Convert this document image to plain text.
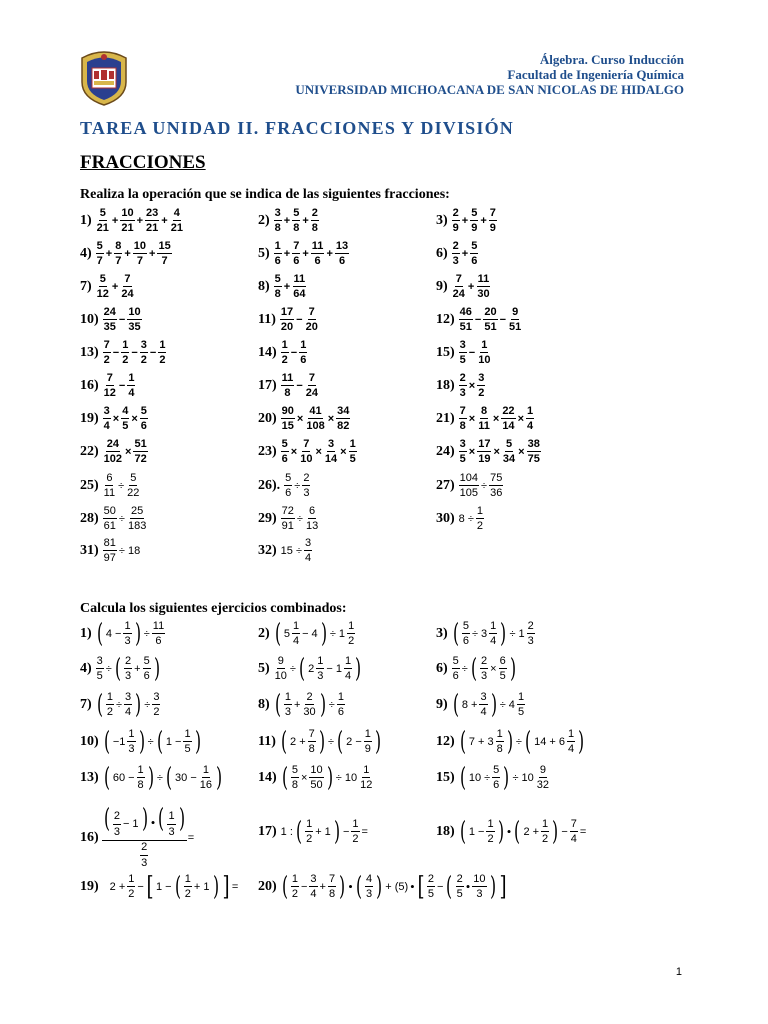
Álgebra. Curso Inducción
Facultad de Ingeniería Química
UNIVERSIDAD MICHOACANA DE SAN NICOLAS DE HIDALGO
TAREA UNIDAD II. FRACCIONES Y DIVISIÓN
FRACCIONES
Realiza la operación que se indica de las siguientes fracciones:
$1) \frac{5}{21} + \frac{10}{21} + \frac{23}{21} + \frac{4}{21}$	$2) \frac{3}{8} + \frac{5}{8} + \frac{2}{8}$	$3) \frac{2}{9} + \frac{5}{9} + \frac{7}{9}$
$4) \frac{5}{7} + \frac{8}{7} + \frac{10}{7} + \frac{15}{7}$	$5) \frac{1}{6} + \frac{7}{6} + \frac{11}{6} + \frac{13}{6}$	$6) \frac{2}{3} + \frac{5}{6}$
$7) \frac{5}{12} + \frac{7}{24}$	$8) \frac{5}{8} + \frac{11}{64}$	$9) \frac{7}{24} + \frac{11}{30}$
$10) \frac{24}{35} - \frac{10}{35}$	$11) \frac{17}{20} - \frac{7}{20}$	$12) \frac{46}{51} - \frac{20}{51} - \frac{9}{51}$
$13) \frac{7}{2} - \frac{1}{2} - \frac{3}{2} - \frac{1}{2}$	$14) \frac{1}{2} - \frac{1}{6}$	$15) \frac{3}{5} - \frac{1}{10}$
$16) \frac{7}{12} - \frac{1}{4}$	$17) \frac{11}{8} - \frac{7}{24}$	$18) \frac{2}{3} \times \frac{3}{2}$
$19) \frac{3}{4} \times \frac{4}{5} \times \frac{5}{6}$	$20) \frac{90}{15} \times \frac{41}{108} \times \frac{34}{82}$	$21) \frac{7}{8} \times \frac{8}{11} \times \frac{22}{14} \times \frac{1}{4}$
$22) \frac{24}{102} \times \frac{51}{72}$	$23) \frac{5}{6} \times \frac{7}{10} \times \frac{3}{14} \times \frac{1}{5}$	$24) \frac{3}{5} \times \frac{17}{19} \times \frac{5}{34} \times \frac{38}{75}$
$25) \frac{6}{11} \div \frac{5}{22}$	26). $\frac{5}{6} \div \frac{2}{3}$	$27) \frac{104}{105} \div \frac{75}{36}$
$28) \frac{50}{61} \div \frac{25}{183}$	$29) \frac{72}{91} \div \frac{6}{13}$	30) $8 \div \frac{1}{2}$
$31) \frac{81}{97} \div 18$	32) $15 \div \frac{3}{4}$
Calcula los siguientes ejercicios combinados:
1) ( $4 - \frac{1}{3}$ ) ÷ $\frac{11}{6}$	2) ( $5 \frac{1}{4} - 4$ ) ÷ $1 \frac{1}{2}$	3) ( $\frac{5}{6} \div 3 \frac{1}{4}$ ) ÷ $1 \frac{2}{3}$
$4) \frac{3}{5}$ ÷ ( $\frac{2}{3} + \frac{5}{6}$ )	$5) \frac{9}{10}$ ÷ ( $2 \frac{1}{3} - 1 \frac{1}{4}$ )	$6) \frac{5}{6}$ ÷ ( $\frac{2}{3} \times \frac{6}{5}$ )
7) ( $\frac{1}{2} \div \frac{3}{4}$ ) ÷ $\frac{3}{2}$	8) ( $\frac{1}{3} + \frac{2}{30}$ ) ÷ $\frac{1}{6}$	9) ( $8 + \frac{3}{4}$ ) ÷ $4 \frac{1}{5}$
10) ( $-1 \frac{1}{3}$ ) ÷ ( $1 - \frac{1}{5}$ )	11) ( $2 + \frac{7}{8}$ ) ÷ ( $2 - \frac{1}{9}$ )	12) ( $7 + 3 \frac{1}{8}$ ) ÷ ( $14 + 6 \frac{1}{4}$ )
13) ( $60 - \frac{1}{8}$ ) ÷ ( $30 - \frac{1}{16}$ )	14) ( $\frac{5}{8} \times \frac{10}{50}$ ) ÷ $10 \frac{1}{12}$	15) ( $10 \div \frac{5}{6}$ ) ÷ $10 \frac{9}{32}$
$16) \frac{( \frac{2}{3} - 1 ) • ( \frac{1}{3} )}{\frac{2}{3}}$ =	17) 1 : ( $\frac{1}{2} + 1$ ) − $\frac{1}{2}$ =	18) ( $1 - \frac{1}{2}$ ) • ( $2 + \frac{1}{2}$ ) − $\frac{7}{4}$ =
19) $2 + \frac{1}{2}$ − [ 1 − ( $\frac{1}{2} + 1$ ) ] = 20) ( $\frac{1}{2} - \frac{3}{4} + \frac{7}{8}$ ) • ( $\frac{4}{3}$ ) + (5) • [ $\frac{2}{5}$ − ( $\frac{2}{5}$ • $\frac{10}{3}$ ) ]
1
